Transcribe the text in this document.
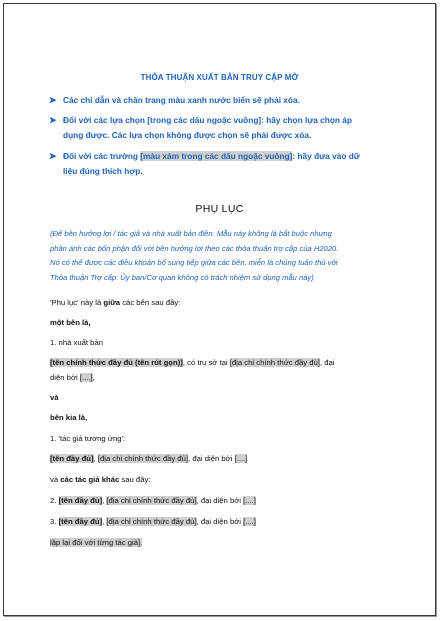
THỎA THUẬN XUẤT BẢN TRUY CẬP MỞ
➤ Các chỉ dẫn và chân trang màu xanh nước biển sẽ phải xóa.
➤ Đối với các lựa chọn [trong các dấu ngoặc vuông]: hãy chọn lựa chọn áp
dụng được. Các lựa chọn không được chọn sẽ phải được xóa.
➤ Đối với các trường [màu xám trong các dấu ngoặc vuông]: hãy đưa vào dữ
liệu đúng thích hợp.
PHỤ LỤC
(Để bên hưởng lợi / tác giả và nhà xuất bản điền. Mẫu này không là bắt buộc nhưng
phân ánh các bổn phận đối với bên hưởng lợi theo các thỏa thuận trợ cấp của H2020.
Nó có thể được các điều khoản bổ sung tiếp giữa các bên, miễn là chúng tuân thủ với
Thỏa thuận Trợ cấp. Ủy ban/Cơ quan không có trách nhiệm sử dụng mẫu này)
'Phụ lục' này là giữa các bên sau đây:
một bên là,
1. nhà xuất bản
[tên chính thức đầy đủ (tên rút gọn)], có trụ sở tại [địa chỉ chính thức đầy đủ], đại
diện bởi [....],
và
bên kia là,
1. 'tác giả tương ứng':
[tên đầy đủ], [địa chỉ chính thức đầy đủ], đại diện bởi [....]
và các tác giả khác sau đây:
2. [tên đầy đủ], [địa chỉ chính thức đầy đủ], đại diện bởi [....]
3. [tên đầy đủ], [địa chỉ chính thức đầy đủ], đại diện bởi [....]
lặp lại đối với từng tác giả].
